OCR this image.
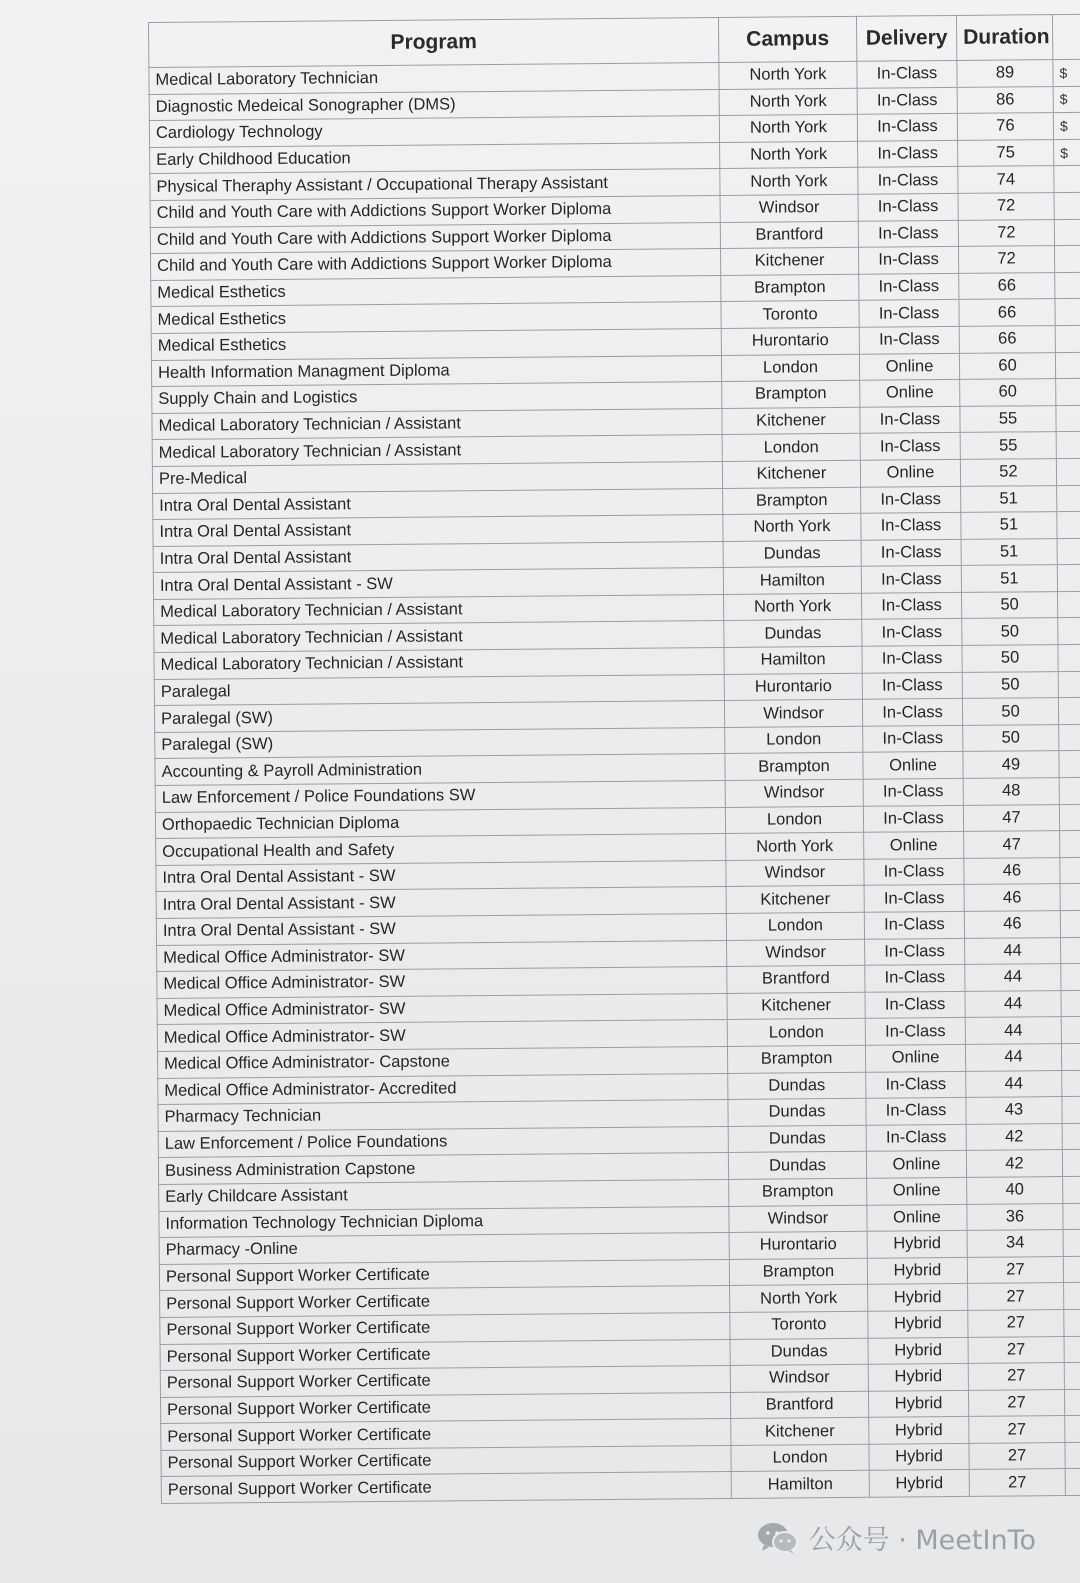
Program	Campus	Delivery	Duration	
Medical Laboratory Technician	North York	In-Class	89	$
Diagnostic Medeical Sonographer (DMS)	North York	In-Class	86	$
Cardiology Technology	North York	In-Class	76	$
Early Childhood Education	North York	In-Class	75	$
Physical Theraphy Assistant / Occupational Therapy Assistant	North York	In-Class	74	
Child and Youth Care with Addictions Support Worker Diploma	Windsor	In-Class	72	
Child and Youth Care with Addictions Support Worker Diploma	Brantford	In-Class	72	
Child and Youth Care with Addictions Support Worker Diploma	Kitchener	In-Class	72	
Medical Esthetics	Brampton	In-Class	66	
Medical Esthetics	Toronto	In-Class	66	
Medical Esthetics	Hurontario	In-Class	66	
Health Information Managment Diploma	London	Online	60	
Supply Chain and Logistics	Brampton	Online	60	
Medical Laboratory Technician / Assistant	Kitchener	In-Class	55	
Medical Laboratory Technician / Assistant	London	In-Class	55	
Pre-Medical	Kitchener	Online	52	
Intra Oral Dental Assistant	Brampton	In-Class	51	
Intra Oral Dental Assistant	North York	In-Class	51	
Intra Oral Dental Assistant	Dundas	In-Class	51	
Intra Oral Dental Assistant - SW	Hamilton	In-Class	51	
Medical Laboratory Technician / Assistant	North York	In-Class	50	
Medical Laboratory Technician / Assistant	Dundas	In-Class	50	
Medical Laboratory Technician / Assistant	Hamilton	In-Class	50	
Paralegal	Hurontario	In-Class	50	
Paralegal (SW)	Windsor	In-Class	50	
Paralegal (SW)	London	In-Class	50	
Accounting & Payroll Administration	Brampton	Online	49	
Law Enforcement / Police Foundations SW	Windsor	In-Class	48	
Orthopaedic Technician Diploma	London	In-Class	47	
Occupational Health and Safety	North York	Online	47	
Intra Oral Dental Assistant - SW	Windsor	In-Class	46	
Intra Oral Dental Assistant - SW	Kitchener	In-Class	46	
Intra Oral Dental Assistant - SW	London	In-Class	46	
Medical Office Administrator- SW	Windsor	In-Class	44	
Medical Office Administrator- SW	Brantford	In-Class	44	
Medical Office Administrator- SW	Kitchener	In-Class	44	
Medical Office Administrator- SW	London	In-Class	44	
Medical Office Administrator- Capstone	Brampton	Online	44	
Medical Office Administrator- Accredited	Dundas	In-Class	44	
Pharmacy Technician	Dundas	In-Class	43	
Law Enforcement / Police Foundations	Dundas	In-Class	42	
Business Administration Capstone	Dundas	Online	42	
Early Childcare Assistant	Brampton	Online	40	
Information Technology Technician Diploma	Windsor	Online	36	
Pharmacy -Online	Hurontario	Hybrid	34	
Personal Support Worker Certificate	Brampton	Hybrid	27	
Personal Support Worker Certificate	North York	Hybrid	27	
Personal Support Worker Certificate	Toronto	Hybrid	27	
Personal Support Worker Certificate	Dundas	Hybrid	27	
Personal Support Worker Certificate	Windsor	Hybrid	27	
Personal Support Worker Certificate	Brantford	Hybrid	27	
Personal Support Worker Certificate	Kitchener	Hybrid	27	
Personal Support Worker Certificate	London	Hybrid	27	
Personal Support Worker Certificate	Hamilton	Hybrid	27	
公众号 · MeetInTo
